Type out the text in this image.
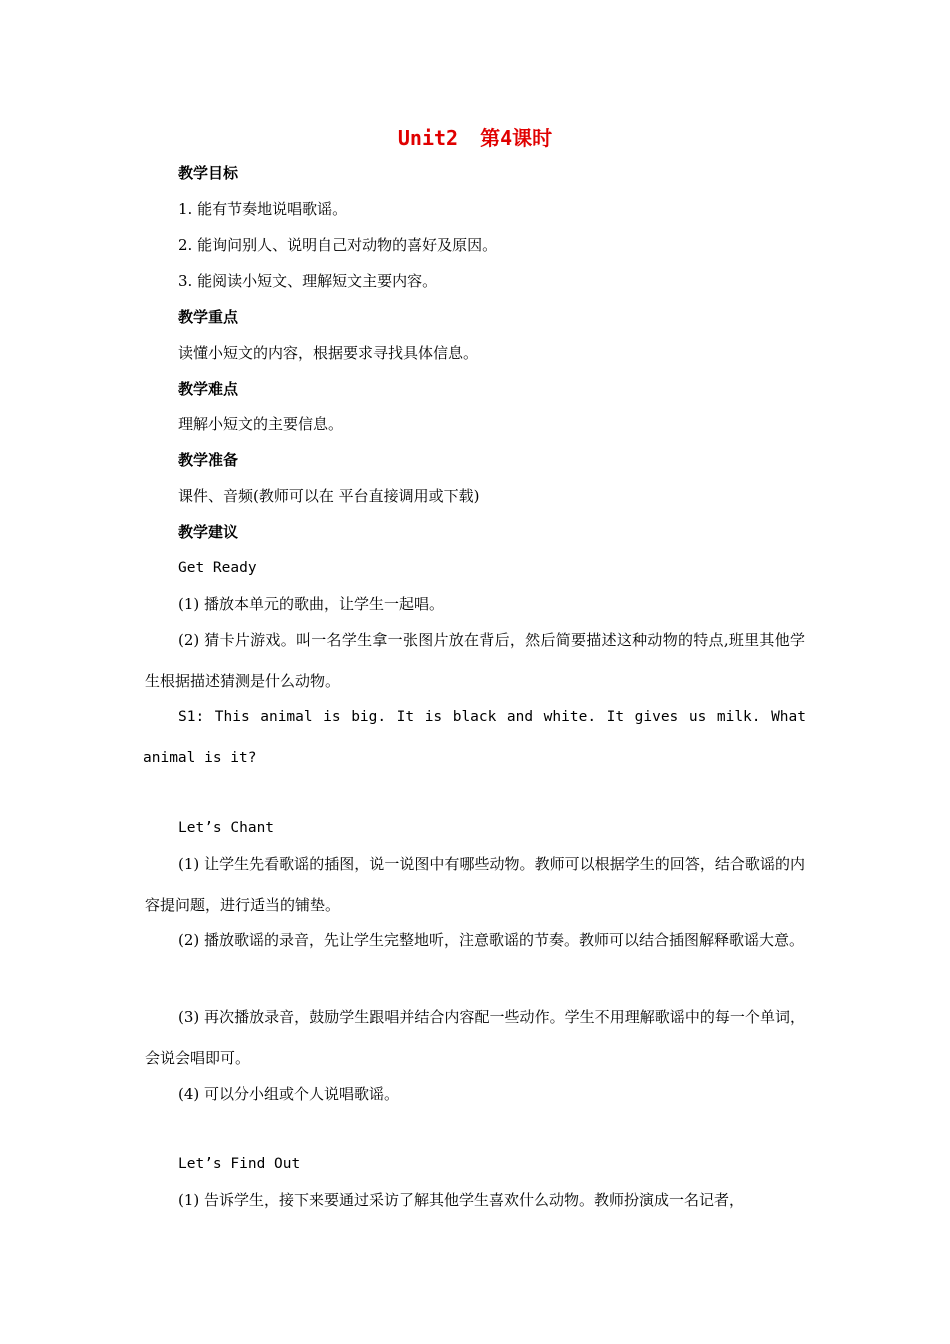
Unit2 第4课时
教学目标
1. 能有节奏地说唱歌谣。
2. 能询问别人、说明自己对动物的喜好及原因。
3. 能阅读小短文、理解短文主要内容。
教学重点
读懂小短文的内容，根据要求寻找具体信息。
教学难点
理解小短文的主要信息。
教学准备
课件、音频(教师可以在 平台直接调用或下载)
教学建议
Get Ready
(1) 播放本单元的歌曲，让学生一起唱。
(2) 猜卡片游戏。叫一名学生拿一张图片放在背后，然后简要描述这种动物的特点,班里其他学生根据描述猜测是什么动物。
S1: This animal is big. It is black and white. It gives us milk. What animal is it?
Let’s Chant
(1) 让学生先看歌谣的插图，说一说图中有哪些动物。教师可以根据学生的回答，结合歌谣的内容提问题，进行适当的铺垫。
(2) 播放歌谣的录音，先让学生完整地听，注意歌谣的节奏。教师可以结合插图解释歌谣大意。
(3) 再次播放录音，鼓励学生跟唱并结合内容配一些动作。学生不用理解歌谣中的每一个单词，会说会唱即可。
(4) 可以分小组或个人说唱歌谣。
Let’s Find Out
(1) 告诉学生，接下来要通过采访了解其他学生喜欢什么动物。教师扮演成一名记者，
